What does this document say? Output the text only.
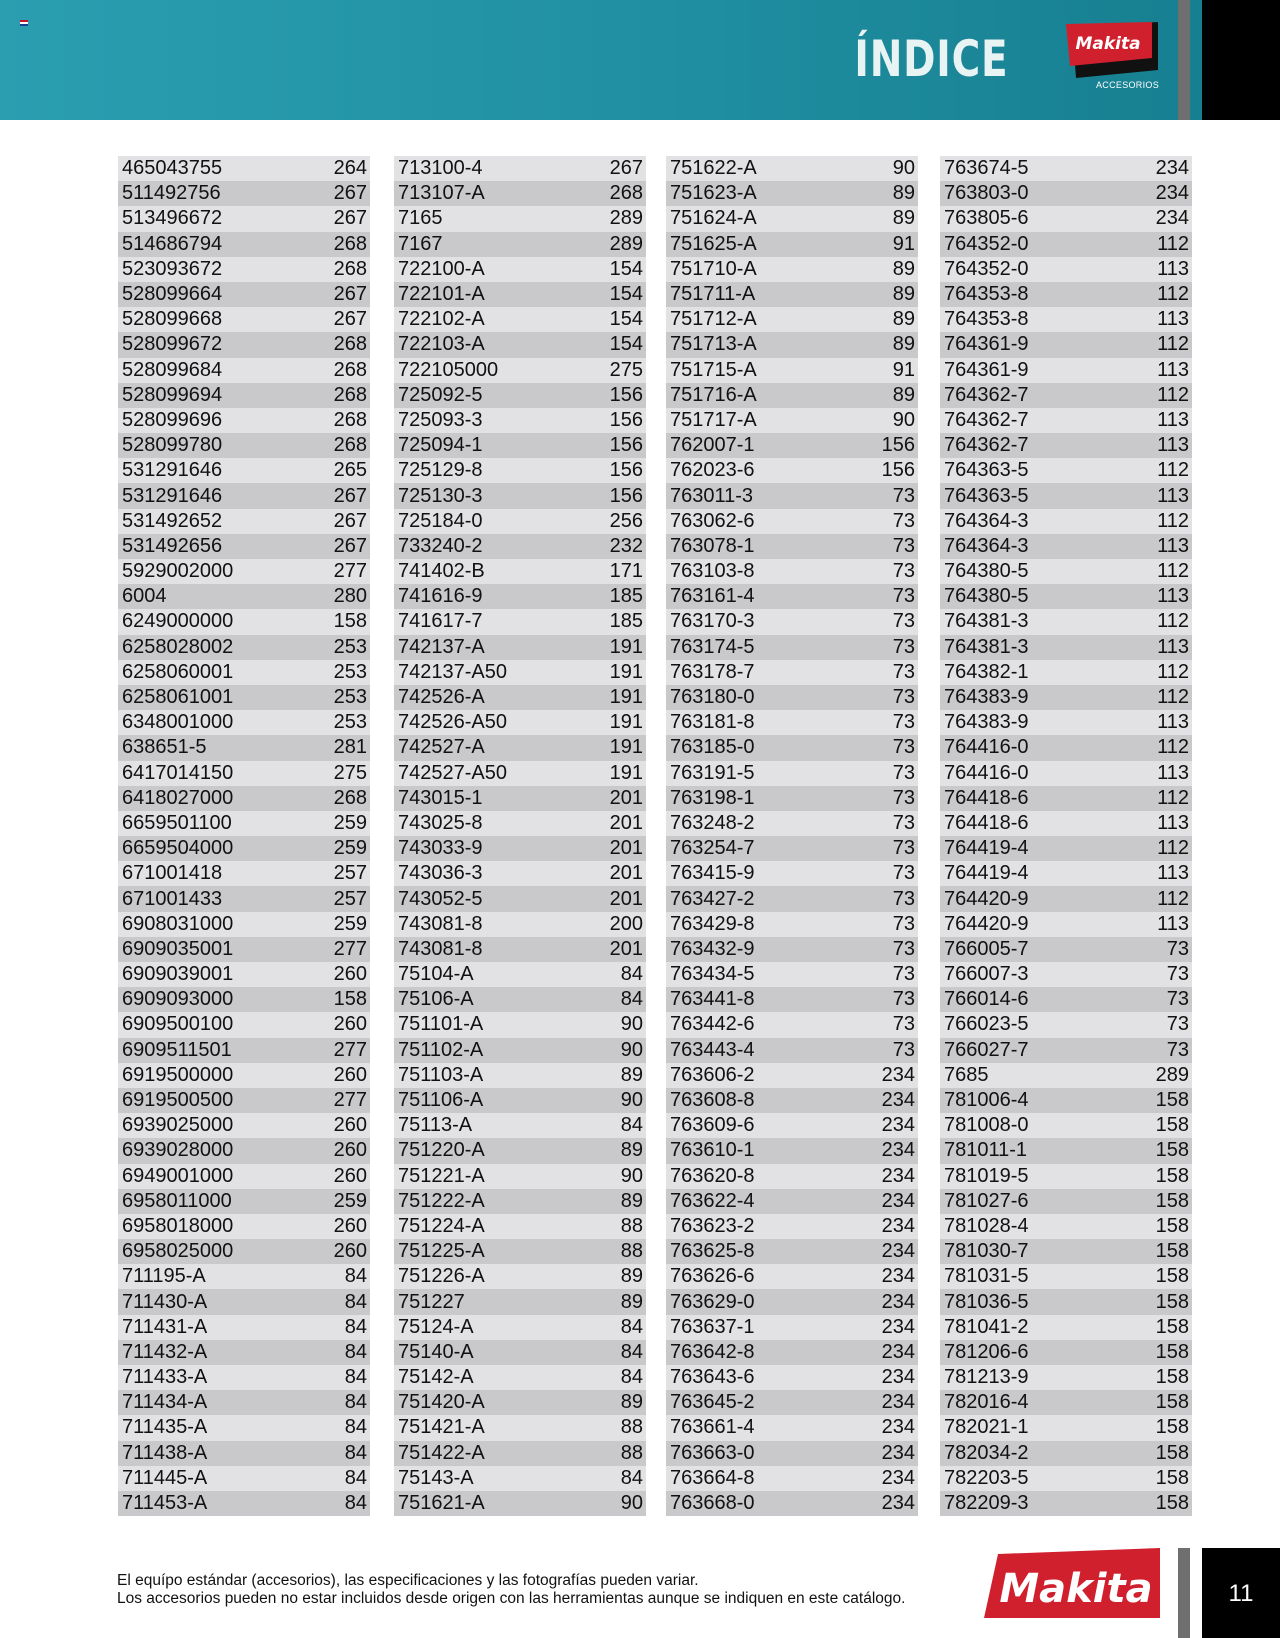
ÍNDICE	Makita
ACCESORIOS
465043755	264
511492756	267
513496672	267
514686794	268
523093672	268
528099664	267
528099668	267
528099672	268
528099684	268
528099694	268
528099696	268
528099780	268
531291646	265
531291646	267
531492652	267
531492656	267
5929002000	277
6004	280
6249000000	158
6258028002	253
6258060001	253
6258061001	253
6348001000	253
638651-5	281
6417014150	275
6418027000	268
6659501100	259
6659504000	259
671001418	257
671001433	257
6908031000	259
6909035001	277
6909039001	260
6909093000	158
6909500100	260
6909511501	277
6919500000	260
6919500500	277
6939025000	260
6939028000	260
6949001000	260
6958011000	259
6958018000	260
6958025000	260
711195-A	84
711430-A	84
711431-A	84
711432-A	84
711433-A	84
711434-A	84
711435-A	84
711438-A	84
711445-A	84
711453-A	84
713100-4	267
713107-A	268
7165	289
7167	289
722100-A	154
722101-A	154
722102-A	154
722103-A	154
722105000	275
725092-5	156
725093-3	156
725094-1	156
725129-8	156
725130-3	156
725184-0	256
733240-2	232
741402-B	171
741616-9	185
741617-7	185
742137-A	191
742137-A50	191
742526-A	191
742526-A50	191
742527-A	191
742527-A50	191
743015-1	201
743025-8	201
743033-9	201
743036-3	201
743052-5	201
743081-8	200
743081-8	201
75104-A	84
75106-A	84
751101-A	90
751102-A	90
751103-A	89
751106-A	90
75113-A	84
751220-A	89
751221-A	90
751222-A	89
751224-A	88
751225-A	88
751226-A	89
751227	89
75124-A	84
75140-A	84
75142-A	84
751420-A	89
751421-A	88
751422-A	88
75143-A	84
751621-A	90
751622-A	90
751623-A	89
751624-A	89
751625-A	91
751710-A	89
751711-A	89
751712-A	89
751713-A	89
751715-A	91
751716-A	89
751717-A	90
762007-1	156
762023-6	156
763011-3	73
763062-6	73
763078-1	73
763103-8	73
763161-4	73
763170-3	73
763174-5	73
763178-7	73
763180-0	73
763181-8	73
763185-0	73
763191-5	73
763198-1	73
763248-2	73
763254-7	73
763415-9	73
763427-2	73
763429-8	73
763432-9	73
763434-5	73
763441-8	73
763442-6	73
763443-4	73
763606-2	234
763608-8	234
763609-6	234
763610-1	234
763620-8	234
763622-4	234
763623-2	234
763625-8	234
763626-6	234
763629-0	234
763637-1	234
763642-8	234
763643-6	234
763645-2	234
763661-4	234
763663-0	234
763664-8	234
763668-0	234
763674-5	234
763803-0	234
763805-6	234
764352-0	112
764352-0	113
764353-8	112
764353-8	113
764361-9	112
764361-9	113
764362-7	112
764362-7	113
764362-7	113
764363-5	112
764363-5	113
764364-3	112
764364-3	113
764380-5	112
764380-5	113
764381-3	112
764381-3	113
764382-1	112
764383-9	112
764383-9	113
764416-0	112
764416-0	113
764418-6	112
764418-6	113
764419-4	112
764419-4	113
764420-9	112
764420-9	113
766005-7	73
766007-3	73
766014-6	73
766023-5	73
766027-7	73
7685	289
781006-4	158
781008-0	158
781011-1	158
781019-5	158
781027-6	158
781028-4	158
781030-7	158
781031-5	158
781036-5	158
781041-2	158
781206-6	158
781213-9	158
782016-4	158
782021-1	158
782034-2	158
782203-5	158
782209-3	158
El equípo estándar (accesorios), las especificaciones y las fotografías pueden variar.
Los accesorios pueden no estar incluidos desde origen con las herramientas aunque se indiquen en este catálogo. Makita	11
